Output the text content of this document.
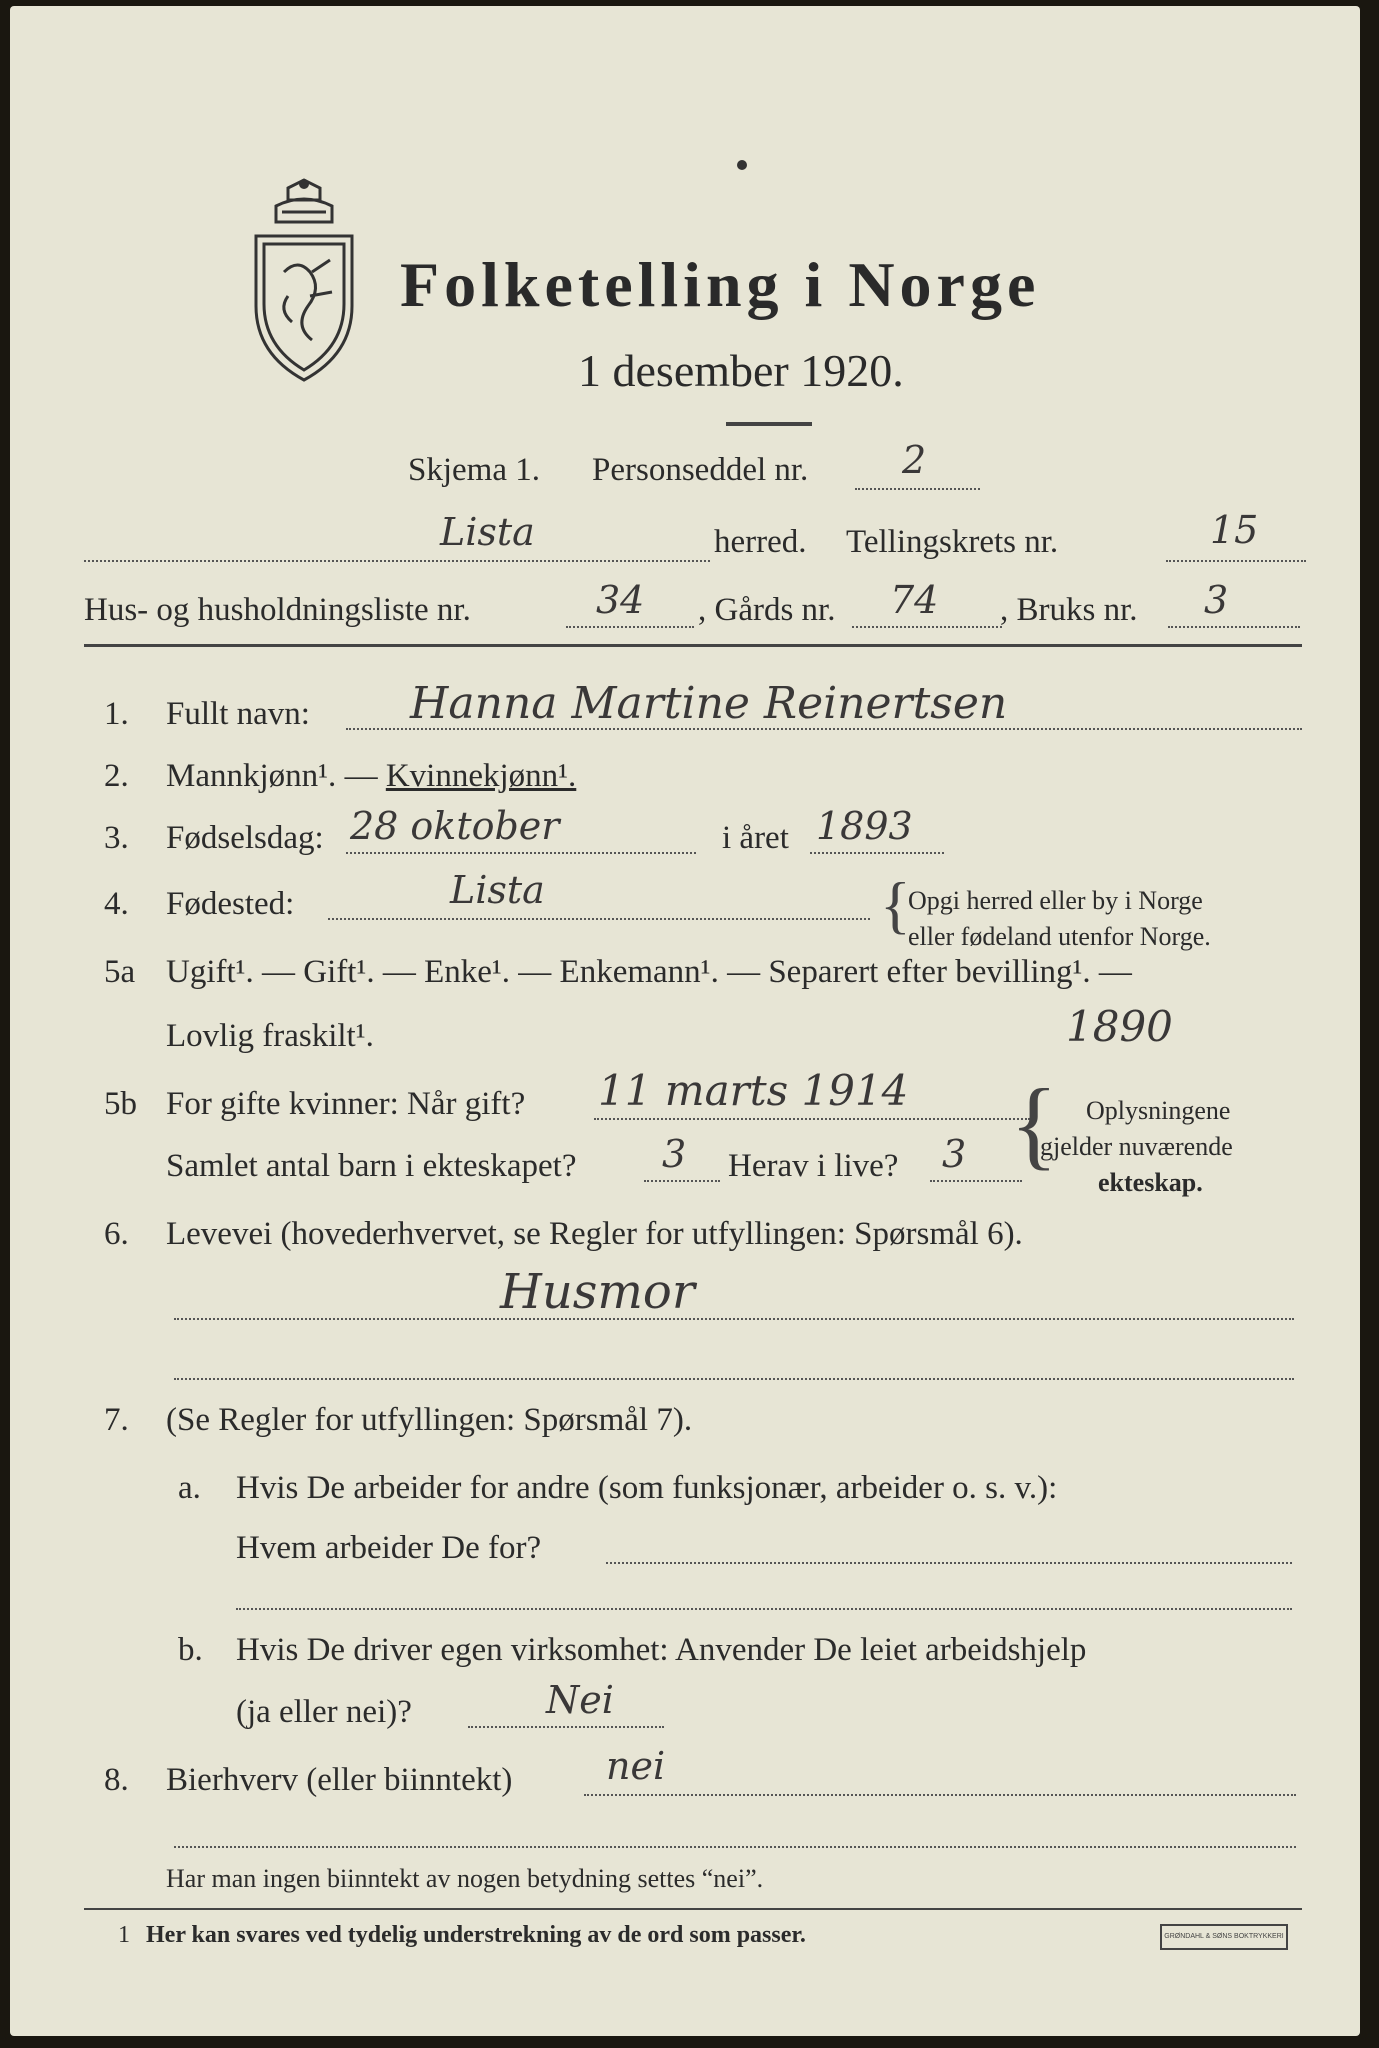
Folketelling i Norge
1 desember 1920.
Skjema 1. Personseddel nr. 2
Lista	herred. Tellingskrets nr.	15
Hus- og husholdningsliste nr.	34 , Gårds nr. 74 , Bruks nr. 3
1. Fullt navn: Hanna Martine Reinertsen
2. Mannkjønn¹. — Kvinnekjønn¹.
3. Fødselsdag: 28 oktober	i året 1893
4. Fødested:	Lista	{
Opgi herred eller by i Norge
eller fødeland utenfor Norge.
5a Ugift¹. — Gift¹. — Enke¹. — Enkemann¹. — Separert efter bevilling¹. —
Lovlig fraskilt¹.	1890
5b For gifte kvinner: Når gift? 11 marts 1914
Samlet antal barn i ekteskapet? 3 Herav i live? 3 { Oplysningene
gjelder nuværende
ekteskap.
6. Levevei (hovederhvervet, se Regler for utfyllingen: Spørsmål 6).
Husmor
7. (Se Regler for utfyllingen: Spørsmål 7).
a. Hvis De arbeider for andre (som funksjonær, arbeider o. s. v.):
Hvem arbeider De for?
b. Hvis De driver egen virksomhet: Anvender De leiet arbeidshjelp
(ja eller nei)?	Nei
8. Bierhverv (eller biinntekt) nei
Har man ingen biinntekt av nogen betydning settes “nei”.
1 Her kan svares ved tydelig understrekning av de ord som passer.	GRØNDAHL & SØNS BOKTRYKKERI
